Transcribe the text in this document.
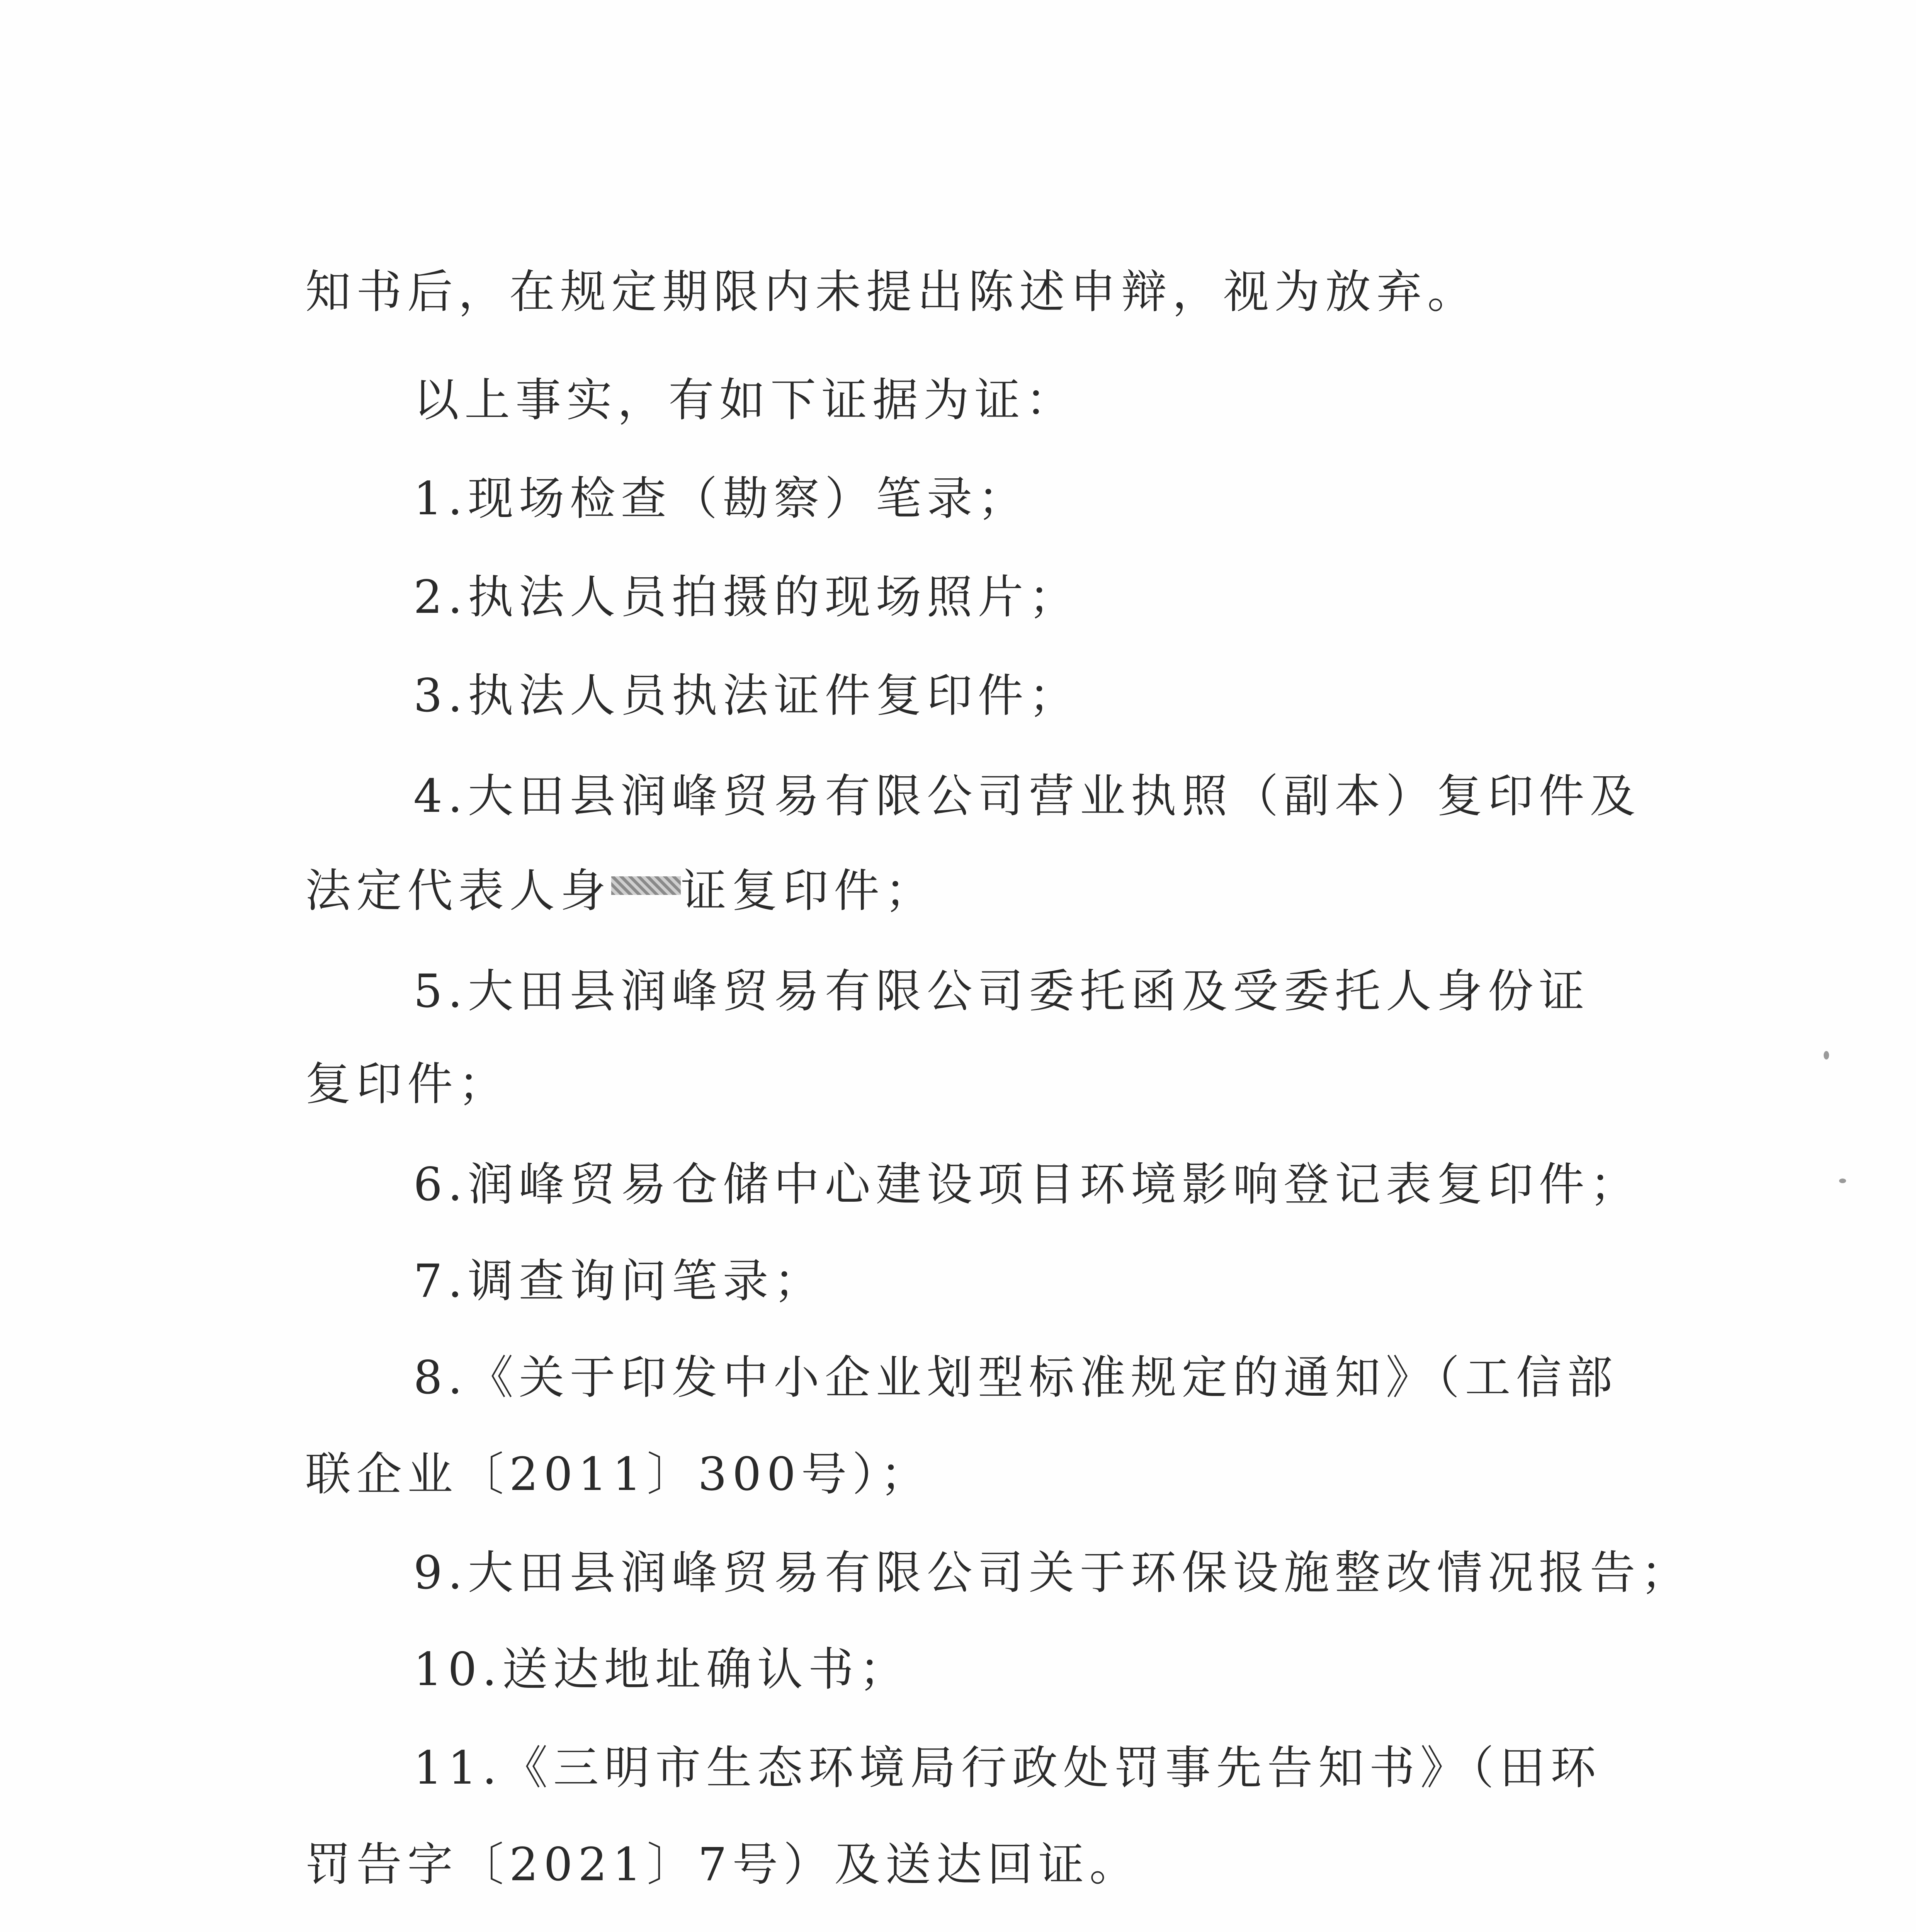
知书后，在规定期限内未提出陈述申辩，视为放弃。
以上事实，有如下证据为证：
1.现场检查（勘察）笔录；
2.执法人员拍摄的现场照片；
3.执法人员执法证件复印件；
4.大田县润峰贸易有限公司营业执照（副本）复印件及
法定代表人身 证复印件；
5.大田县润峰贸易有限公司委托函及受委托人身份证
复印件；
6.润峰贸易仓储中心建设项目环境影响登记表复印件；
7.调查询问笔录；
8.《关于印发中小企业划型标准规定的通知》（工信部
联企业〔2011〕300号）；
9.大田县润峰贸易有限公司关于环保设施整改情况报告；
10.送达地址确认书；
11.《三明市生态环境局行政处罚事先告知书》（田环
罚告字〔2021〕7号）及送达回证。
